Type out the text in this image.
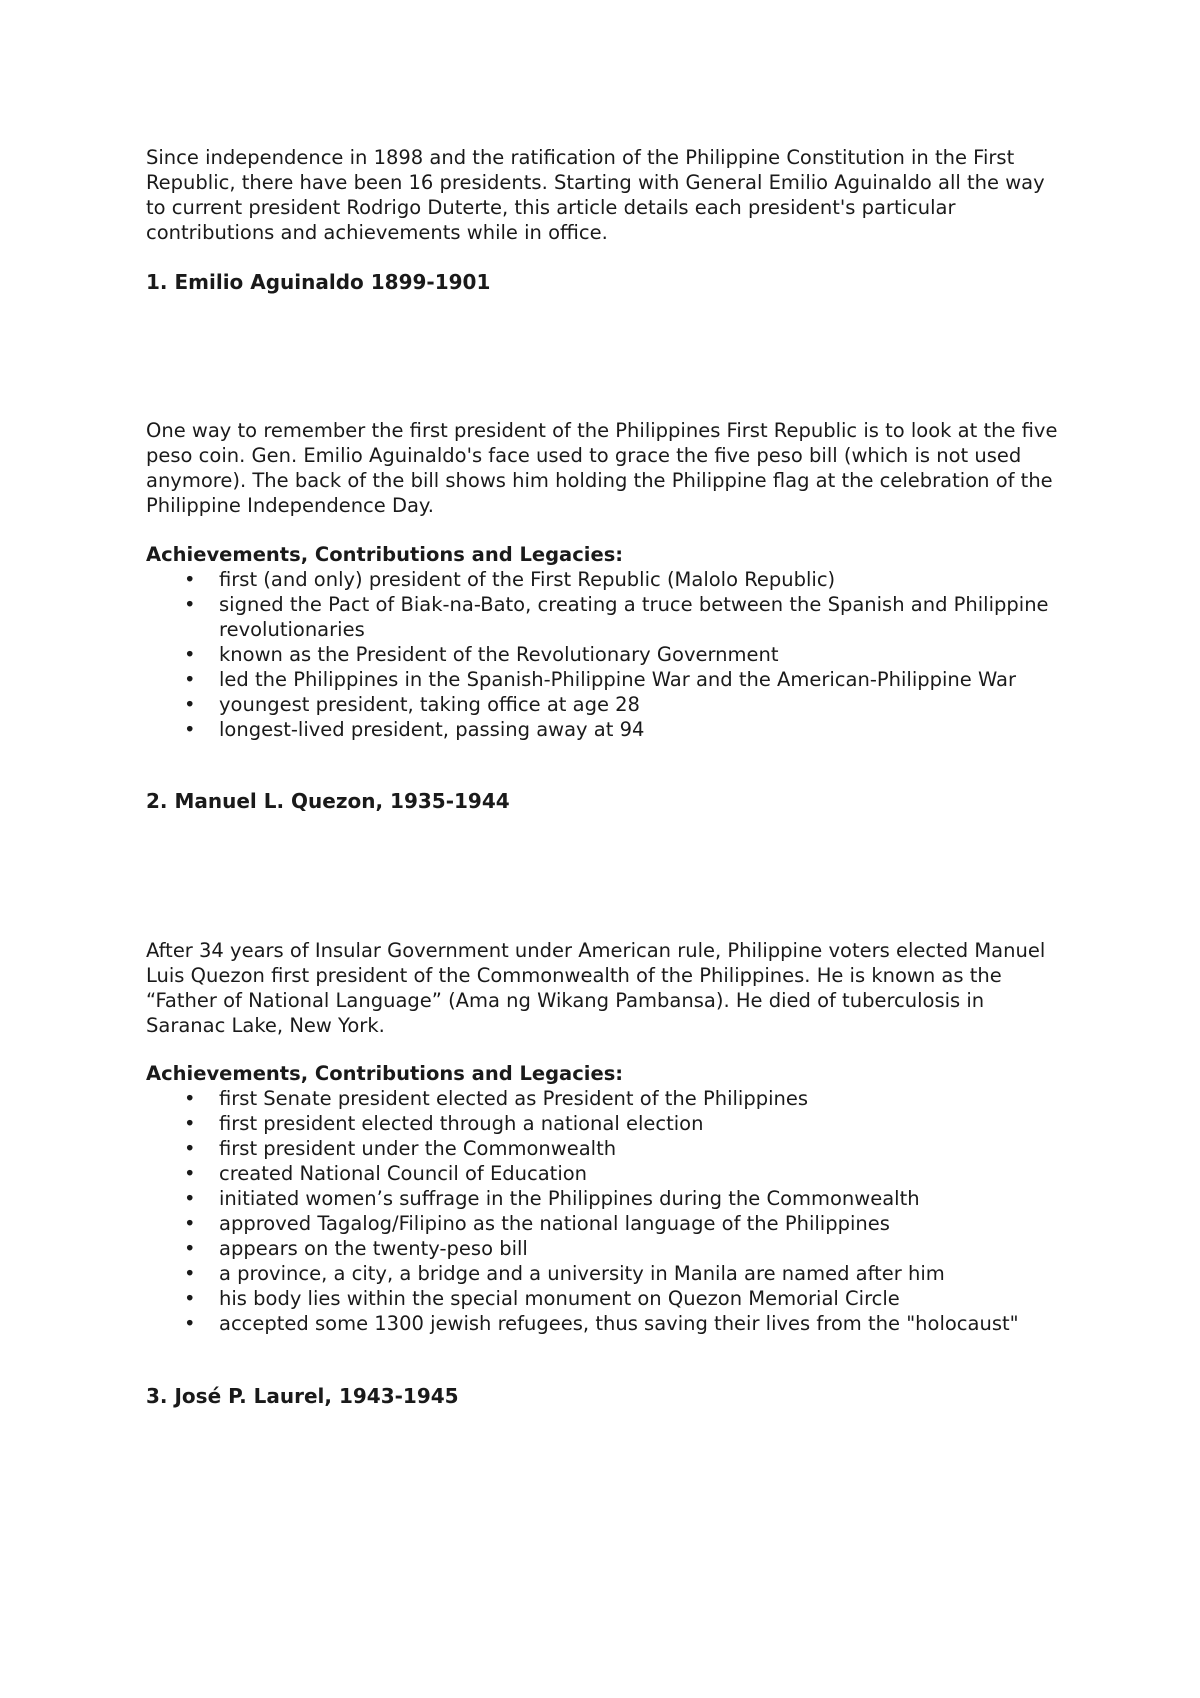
Since independence in 1898 and the ratification of the Philippine Constitution in the First Republic, there have been 16 presidents. Starting with General Emilio Aguinaldo all the way to current president Rodrigo Duterte, this article details each president's particular contributions and achievements while in office.

1. Emilio Aguinaldo 1899-1901

One way to remember the first president of the Philippines First Republic is to look at the five peso coin. Gen. Emilio Aguinaldo's face used to grace the five peso bill (which is not used anymore). The back of the bill shows him holding the Philippine flag at the celebration of the Philippine Independence Day.

Achievements, Contributions and Legacies:
• first (and only) president of the First Republic (Malolo Republic)
• signed the Pact of Biak-na-Bato, creating a truce between the Spanish and Philippine revolutionaries
• known as the President of the Revolutionary Government
• led the Philippines in the Spanish-Philippine War and the American-Philippine War
• youngest president, taking office at age 28
• longest-lived president, passing away at 94
2. Manuel L. Quezon, 1935-1944

After 34 years of Insular Government under American rule, Philippine voters elected Manuel Luis Quezon first president of the Commonwealth of the Philippines. He is known as the “Father of National Language” (Ama ng Wikang Pambansa). He died of tuberculosis in Saranac Lake, New York.

Achievements, Contributions and Legacies:
• first Senate president elected as President of the Philippines
• first president elected through a national election
• first president under the Commonwealth
• created National Council of Education
• initiated women’s suffrage in the Philippines during the Commonwealth
• approved Tagalog/Filipino as the national language of the Philippines
• appears on the twenty-peso bill
• a province, a city, a bridge and a university in Manila are named after him
• his body lies within the special monument on Quezon Memorial Circle
• accepted some 1300 jewish refugees, thus saving their lives from the "holocaust"
3. José P. Laurel, 1943-1945
